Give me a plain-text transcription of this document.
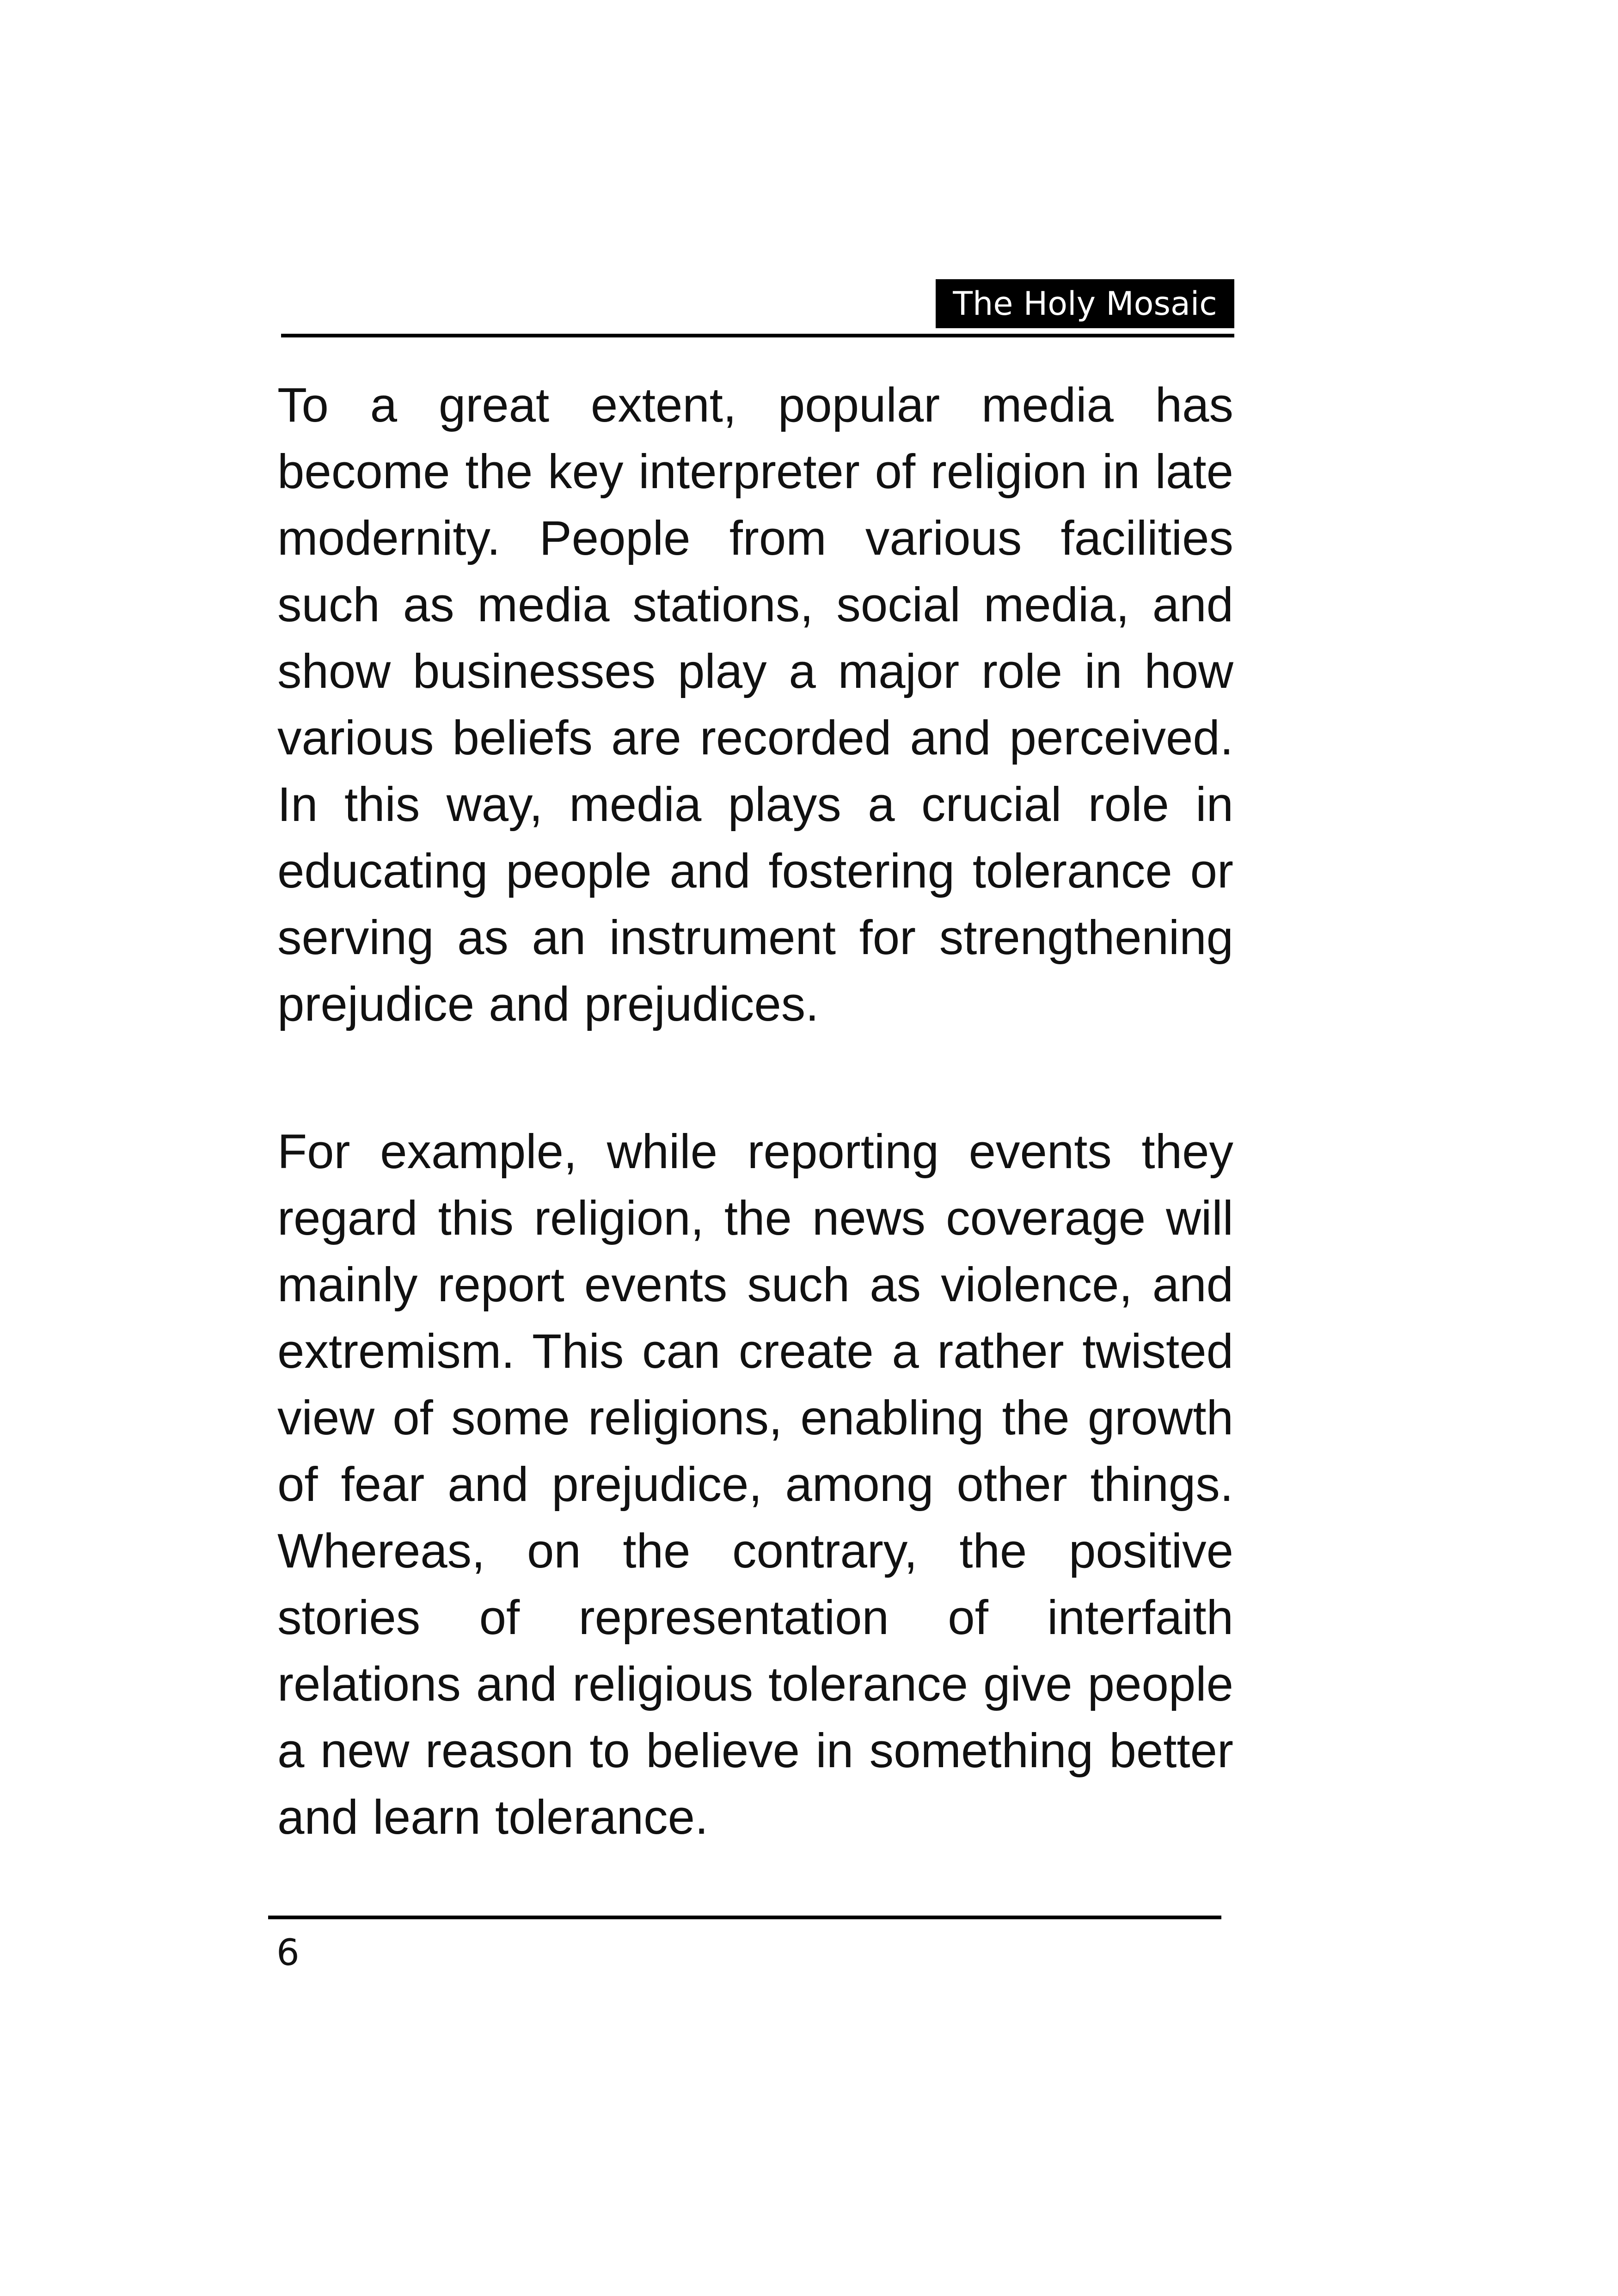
The Holy Mosaic

To a great extent, popular media has become the key interpreter of religion in late modernity. People from various facilities such as media stations, social media, and show businesses play a major role in how various beliefs are recorded and perceived. In this way, media plays a crucial role in educating people and fostering tolerance or serving as an instrument for strengthening prejudice and prejudices.

For example, while reporting events they regard this religion, the news coverage will mainly report events such as violence, and extremism. This can create a rather twisted view of some religions, enabling the growth of fear and prejudice, among other things. Whereas, on the contrary, the positive stories of representation of interfaith relations and religious tolerance give people a new reason to believe in something better and learn tolerance.

6
